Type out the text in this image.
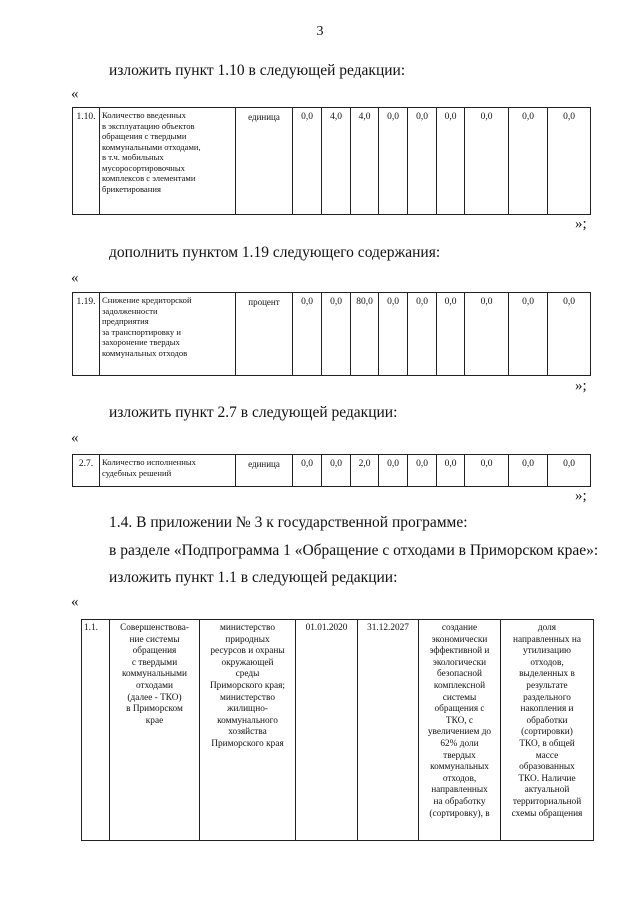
3
изложить пункт 1.10 в следующей редакции:
«
1.10.	Количество введенных
в эксплуатацию объектов
обращения с твердыми
коммунальными отходами,
в т.ч. мобильных
мусоросортировочных
комплексов с элементами
брикетирования	единица	0,0	4,0	4,0	0,0	0,0	0,0	0,0	0,0	0,0
»;
дополнить пунктом 1.19 следующего содержания:
«
1.19.	Снижение кредиторской
задолженности
предприятия
за транспортировку и
захоронение твердых
коммунальных отходов	процент	0,0	0,0	80,0	0,0	0,0	0,0	0,0	0,0	0,0
»;
изложить пункт 2.7 в следующей редакции:
«
2.7.	Количество исполненных
судебных решений	единица	0,0	0,0	2,0	0,0	0,0	0,0	0,0	0,0	0,0
»;
1.4. В приложении № 3 к государственной программе:
в разделе «Подпрограмма 1 «Обращение с отходами в Приморском крае»:
изложить пункт 1.1 в следующей редакции:
«
1.1.	Совершенствова-
ние системы
обращения
с твердыми
коммунальными
отходами
(далее - ТКО)
в Приморском
крае	министерство
природных
ресурсов и охраны
окружающей
среды
Приморского края;
министерство
жилищно-
коммунального
хозяйства
Приморского края	01.01.2020	31.12.2027	создание
экономически
эффективной и
экологически
безопасной
комплексной
системы
обращения с
ТКО, с
увеличением до
62% доли
твердых
коммунальных
отходов,
направленных
на обработку
(сортировку), в	доля
направленных на
утилизацию
отходов,
выделенных в
результате
раздельного
накопления и
обработки
(сортировки)
ТКО, в общей
массе
образованных
ТКО. Наличие
актуальной
территориальной
схемы обращения
